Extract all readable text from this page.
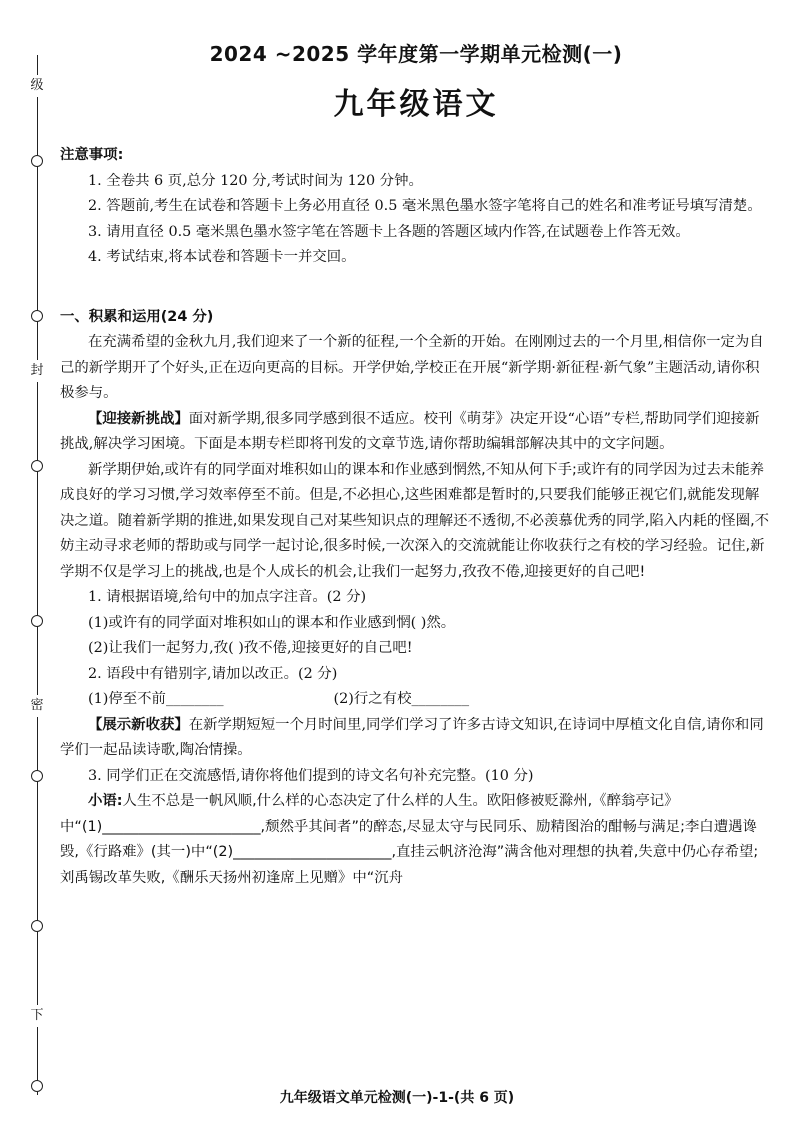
级
封
密
下
2024 ~2025 学年度第一学期单元检测(一)
九年级语文
注意事项:

1. 全卷共 6 页,总分 120 分,考试时间为 120 分钟。

2. 答题前,考生在试卷和答题卡上务必用直径 0.5 毫米黑色墨水签字笔将自己的姓名和准考证号填写清楚。

3. 请用直径 0.5 毫米黑色墨水签字笔在答题卡上各题的答题区域内作答,在试题卷上作答无效。

4. 考试结束,将本试卷和答题卡一并交回。

一、积累和运用(24 分)

在充满希望的金秋九月,我们迎来了一个新的征程,一个全新的开始。在刚刚过去的一个月里,相信你一定为自己的新学期开了个好头,正在迈向更高的目标。开学伊始,学校正在开展“新学期·新征程·新气象”主题活动,请你积极参与。

【迎接新挑战】面对新学期,很多同学感到很不适应。校刊《萌芽》决定开设“心语”专栏,帮助同学们迎接新挑战,解决学习困境。下面是本期专栏即将刊发的文章节选,请你帮助编辑部解决其中的文字问题。

新学期伊始,或许有的同学面对堆积如山的课本和作业感到惘然,不知从何下手;或许有的同学因为过去未能养成良好的学习习惯,学习效率停至不前。但是,不必担心,这些困难都是暂时的,只要我们能够正视它们,就能发现解决之道。随着新学期的推进,如果发现自己对某些知识点的理解还不透彻,不必羡慕优秀的同学,陷入内耗的怪圈,不妨主动寻求老师的帮助或与同学一起讨论,很多时候,一次深入的交流就能让你收获行之有校的学习经验。记住,新学期不仅是学习上的挑战,也是个人成长的机会,让我们一起努力,孜孜不倦,迎接更好的自己吧!

1. 请根据语境,给句中的加点字注音。(2 分)

(1)或许有的同学面对堆积如山的课本和作业感到惘( )然。

(2)让我们一起努力,孜( )孜不倦,迎接更好的自己吧!

2. 语段中有错别字,请加以改正。(2 分)

(1)停至不前________	(2)行之有校________

【展示新收获】在新学期短短一个月时间里,同学们学习了许多古诗文知识,在诗词中厚植文化自信,请你和同学们一起品读诗歌,陶冶情操。

3. 同学们正在交流感悟,请你将他们提到的诗文名句补充完整。(10 分)

小语:人生不总是一帆风顺,什么样的心态决定了什么样的人生。欧阳修被贬滁州,《醉翁亭记》中“(1)______________________,颓然乎其间者”的醉态,尽显太守与民同乐、励精图治的酣畅与满足;李白遭遇谗毁,《行路难》(其一)中“(2)______________________,直挂云帆济沧海”满含他对理想的执着,失意中仍心存希望;刘禹锡改革失败,《酬乐天扬州初逢席上见赠》中“沉舟

九年级语文单元检测(一)-1-(共 6 页)
